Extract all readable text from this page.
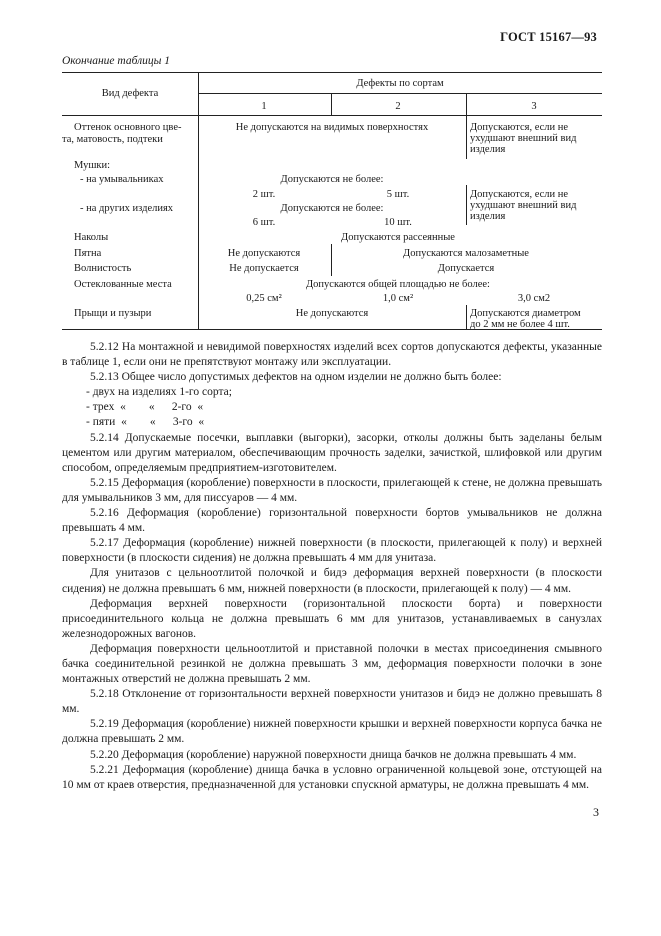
ГОСТ 15167—93
Окончание таблицы 1
Вид дефекта
Дефекты по сортам
1	2	3
Оттенок основного цве-
та, матовость, подтеки
Не допускаются на видимых поверхностях	Допускаются, если не
ухудшают внешний вид
изделия
Мушки:
- на умывальниках	Допускаются не более:
2 шт.	5 шт.	Допускаются, если не
ухудшают внешний вид
изделия
- на других изделиях	Допускаются не более:
6 шт.	10 шт.
Наколы	Допускаются рассеянные
Пятна	Не допускаются	Допускаются малозаметные
Волнистость	Не допускается	Допускается
Остеклованные места	Допускаются общей площадью не более:
0,25 см²	1,0 см²	3,0 см2
Прыщи и пузыри	Не допускаются	Допускаются диаметром
до 2 мм не более 4 шт.

5.2.12 На монтажной и невидимой поверхностях изделий всех сортов допускаются дефекты, указанные в таблице 1, если они не препятствуют монтажу или эксплуатации.

5.2.13 Общее число допустимых дефектов на одном изделии не должно быть более:

- двух на изделиях 1-го сорта;

- трех  «        «      2-го  «

- пяти  «        «      3-го  «

5.2.14 Допускаемые посечки, выплавки (выгорки), засорки, отколы должны быть заделаны белым цементом или другим материалом, обеспечивающим прочность заделки, зачисткой, шлифовкой или другим способом, определяемым предприятием-изготовителем.

5.2.15 Деформация (коробление) поверхности в плоскости, прилегающей к стене, не должна превышать для умывальников 3 мм, для писсуаров — 4 мм.

5.2.16 Деформация (коробление) горизонтальной поверхности бортов умывальников не должна превышать 4 мм.

5.2.17 Деформация (коробление) нижней поверхности (в плоскости, прилегающей к полу) и верхней поверхности (в плоскости сидения) не должна превышать 4 мм для унитаза.

Для унитазов с цельноотлитой полочкой и бидэ деформация верхней поверхности (в плоскости сидения) не должна превышать 6 мм, нижней поверхности (в плоскости, прилегающей к полу) — 4 мм.

Деформация верхней поверхности (горизонтальной плоскости борта) и поверхности присоединительного кольца не должна превышать 6 мм для унитазов, устанавливаемых в санузлах железнодорожных вагонов.

Деформация поверхности цельноотлитой и приставной полочки в местах присоединения смывного бачка соединительной резинкой не должна превышать 3 мм, деформация поверхности полочки в зоне монтажных отверстий не должна превышать 2 мм.

5.2.18 Отклонение от горизонтальности верхней поверхности унитазов и бидэ не должно превышать 8 мм.

5.2.19 Деформация (коробление) нижней поверхности крышки и верхней поверхности корпуса бачка не должна превышать 2 мм.

5.2.20 Деформация (коробление) наружной поверхности днища бачков не должна превышать 4 мм.

5.2.21 Деформация (коробление) днища бачка в условно ограниченной кольцевой зоне, отстующей на 10 мм от краев отверстия, предназначенной для установки спускной арматуры, не должна превышать 4 мм.

3
